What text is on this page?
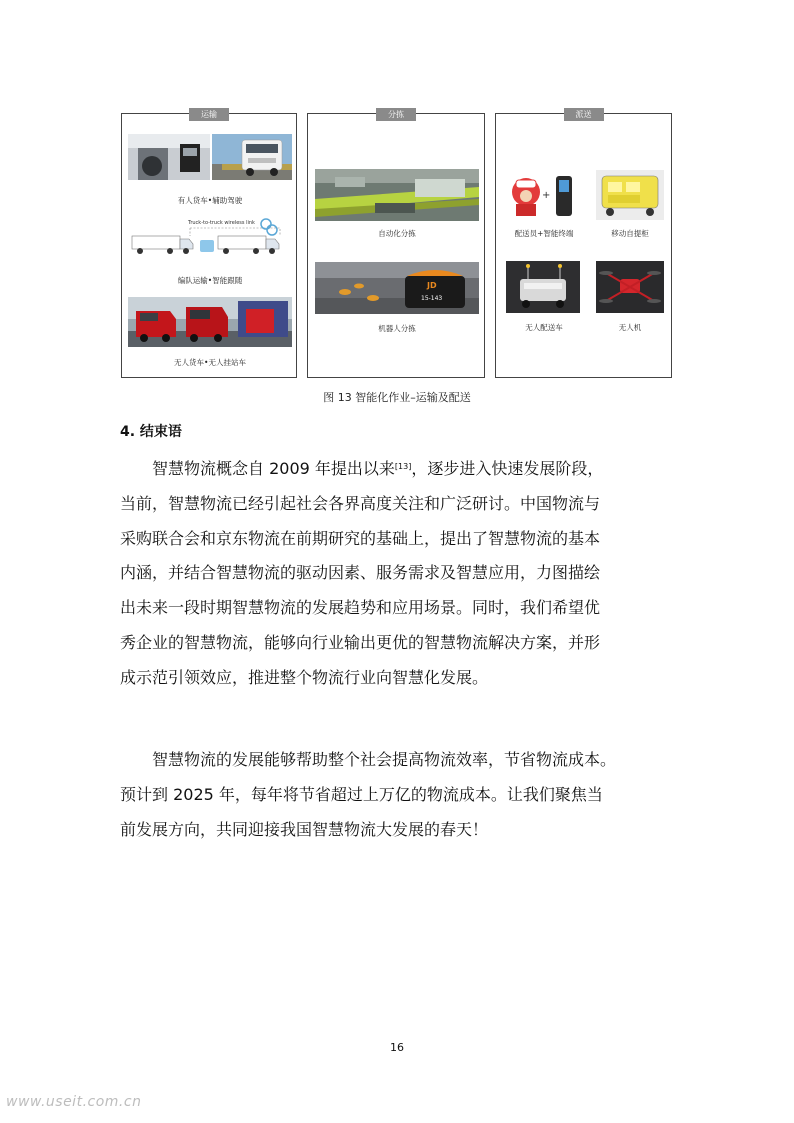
运输
有人货车•辅助驾驶
Truck-to-truck wireless link
编队运输•智能跟随
无人货车•无人挂站车
分拣
自动化分拣
JD
15-143
机器人分拣
派送
+
配送员+智能终端	移动自提柜
无人配送车	无人机
图 13 智能化作业–运输及配送
4. 结束语
智慧物流概念自 2009 年提出以来[13]，逐步进入快速发展阶段，
当前，智慧物流已经引起社会各界高度关注和广泛研讨。中国物流与
采购联合会和京东物流在前期研究的基础上，提出了智慧物流的基本
内涵，并结合智慧物流的驱动因素、服务需求及智慧应用，力图描绘
出未来一段时期智慧物流的发展趋势和应用场景。同时，我们希望优
秀企业的智慧物流，能够向行业输出更优的智慧物流解决方案，并形
成示范引领效应，推进整个物流行业向智慧化发展。
智慧物流的发展能够帮助整个社会提高物流效率，节省物流成本。
预计到 2025 年，每年将节省超过上万亿的物流成本。让我们聚焦当
前发展方向，共同迎接我国智慧物流大发展的春天！
16
www.useit.com.cn
